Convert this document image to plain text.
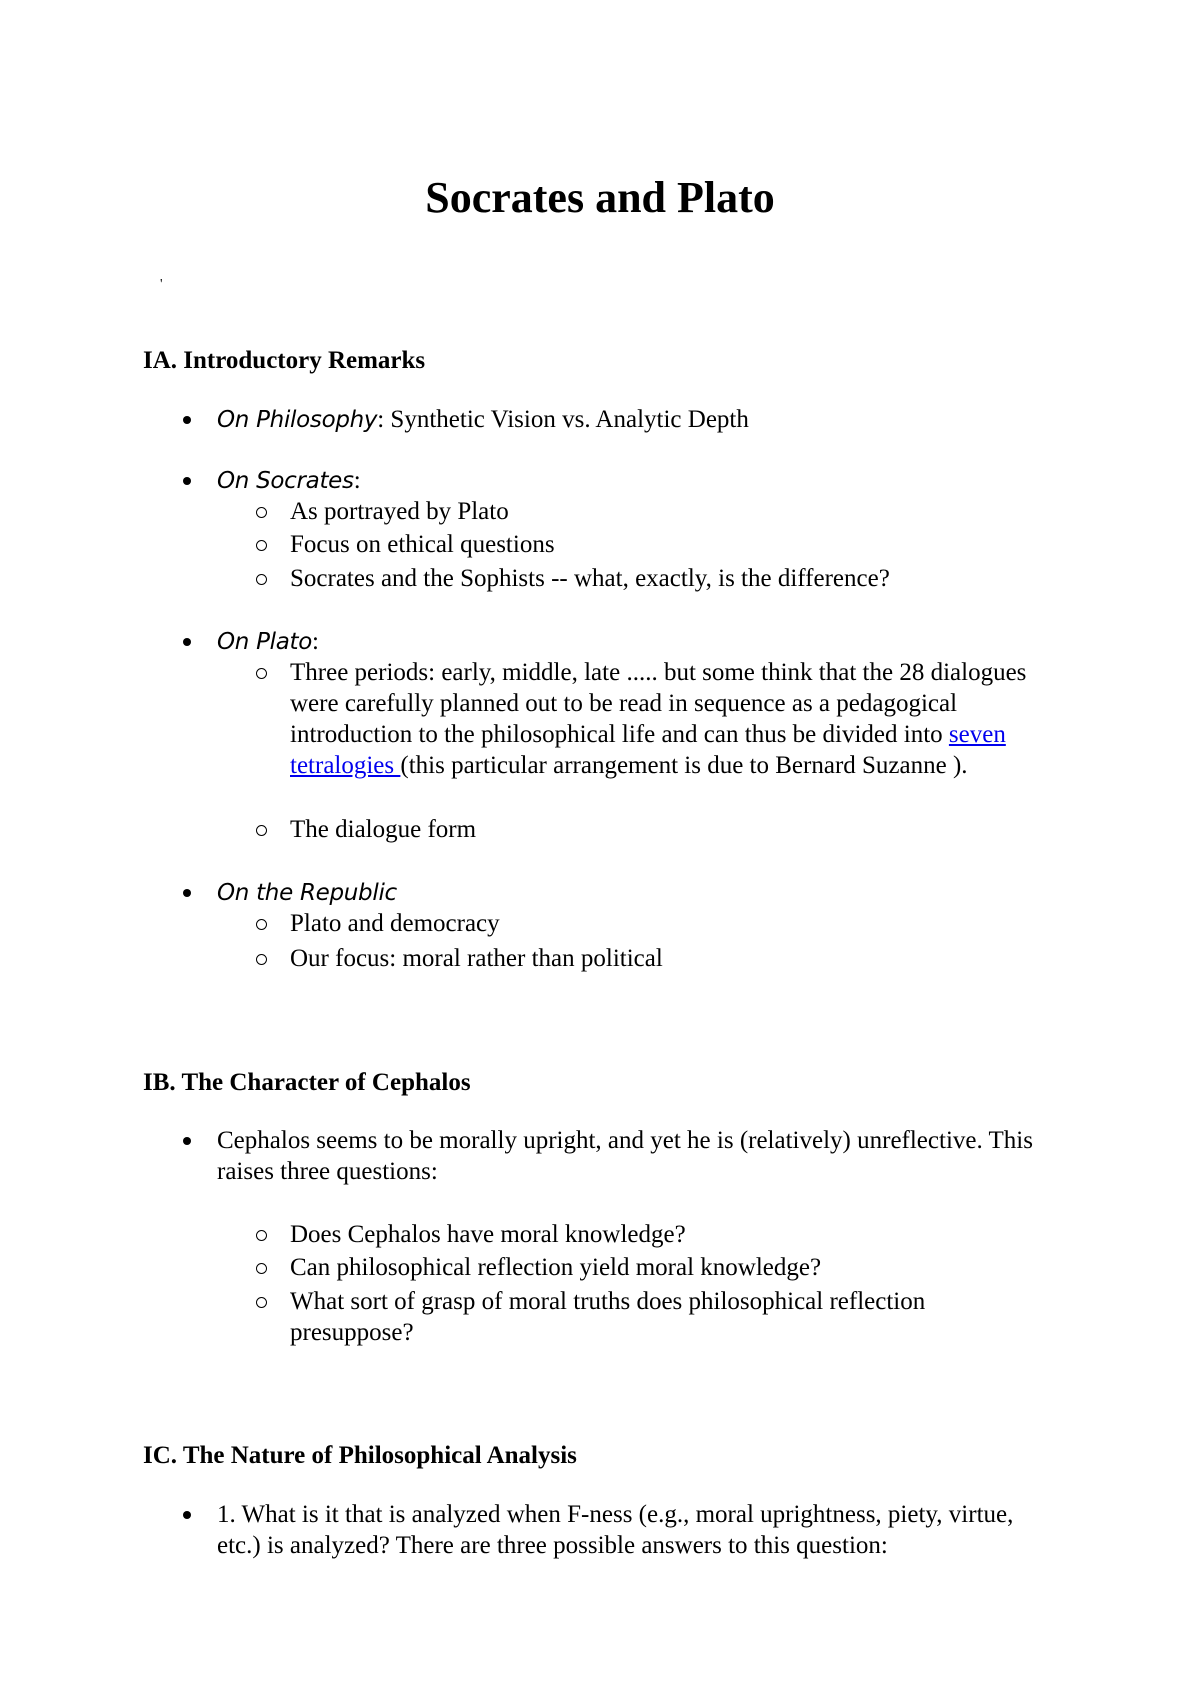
Socrates and Plato
'
IA. Introductory Remarks
On Philosophy: Synthetic Vision vs. Analytic Depth
On Socrates:
As portrayed by Plato
Focus on ethical questions
Socrates and the Sophists -- what, exactly, is the difference?
On Plato:
Three periods: early, middle, late ..... but some think that the 28 dialogues were carefully planned out to be read in sequence as a pedagogical introduction to the philosophical life and can thus be divided into seven tetralogies (this particular arrangement is due to Bernard Suzanne ).
The dialogue form
On the Republic
Plato and democracy
Our focus: moral rather than political
IB. The Character of Cephalos
Cephalos seems to be morally upright, and yet he is (relatively) unreflective. This raises three questions:
Does Cephalos have moral knowledge?
Can philosophical reflection yield moral knowledge?
What sort of grasp of moral truths does philosophical reflection presuppose?
IC. The Nature of Philosophical Analysis
1. What is it that is analyzed when F-ness (e.g., moral uprightness, piety, virtue, etc.) is analyzed? There are three possible answers to this question:
